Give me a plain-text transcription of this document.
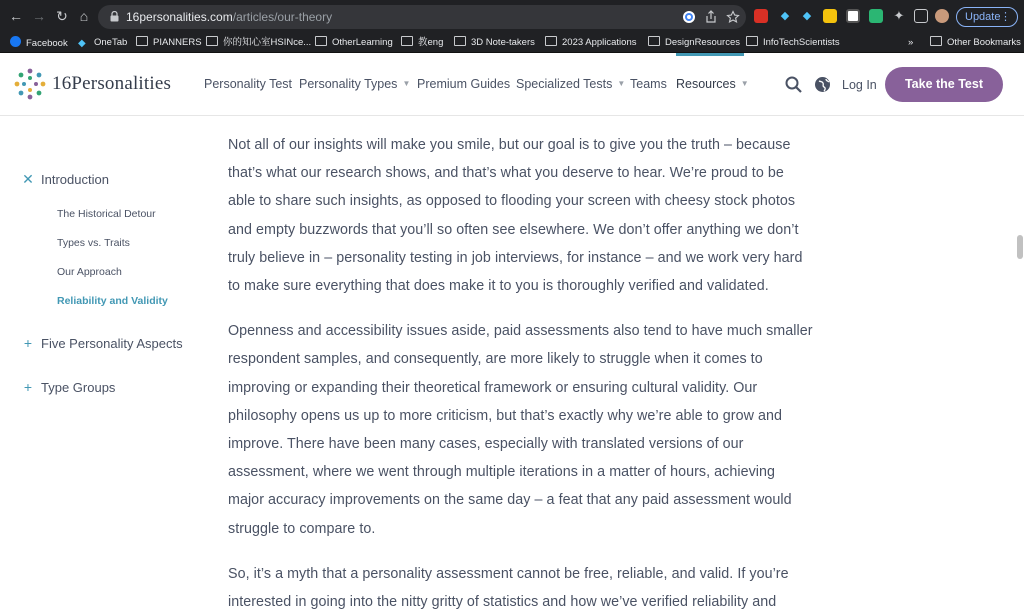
← → ↻ ⌂	16personalities.com/articles/our-theory	◆ ◆	✦	Update ⋮
Facebook ◆ OneTab	PIANNERS	你的知心室HSINce...	OtherLearning	教eng	3D Note-takers	2023 Applications	DesignResources	InfoTechScientists	»	Other Bookmarks
16Personalities	Personality Test Personality Types ▼ Premium Guides Specialized Tests ▼ Teams Resources ▼	Log In	Take the Test
✕ Introduction
The Historical Detour
Types vs. Traits
Our Approach
Reliability and Validity
+ Five Personality Aspects
+ Type Groups

Not all of our insights will make you smile, but our goal is to give you the truth – because
that’s what our research shows, and that’s what you deserve to hear. We’re proud to be
able to share such insights, as opposed to flooding your screen with cheesy stock photos
and empty buzzwords that you’ll so often see elsewhere. We don’t offer anything we don’t
truly believe in – personality testing in job interviews, for instance – and we work very hard
to make sure everything that does make it to you is thoroughly verified and validated.

Openness and accessibility issues aside, paid assessments also tend to have much smaller
respondent samples, and consequently, are more likely to struggle when it comes to
improving or expanding their theoretical framework or ensuring cultural validity. Our
philosophy opens us up to more criticism, but that’s exactly why we’re able to grow and
improve. There have been many cases, especially with translated versions of our
assessment, where we went through multiple iterations in a matter of hours, achieving
major accuracy improvements on the same day – a feat that any paid assessment would
struggle to compare to.

So, it’s a myth that a personality assessment cannot be free, reliable, and valid. If you’re
interested in going into the nitty gritty of statistics and how we’ve verified reliability and
